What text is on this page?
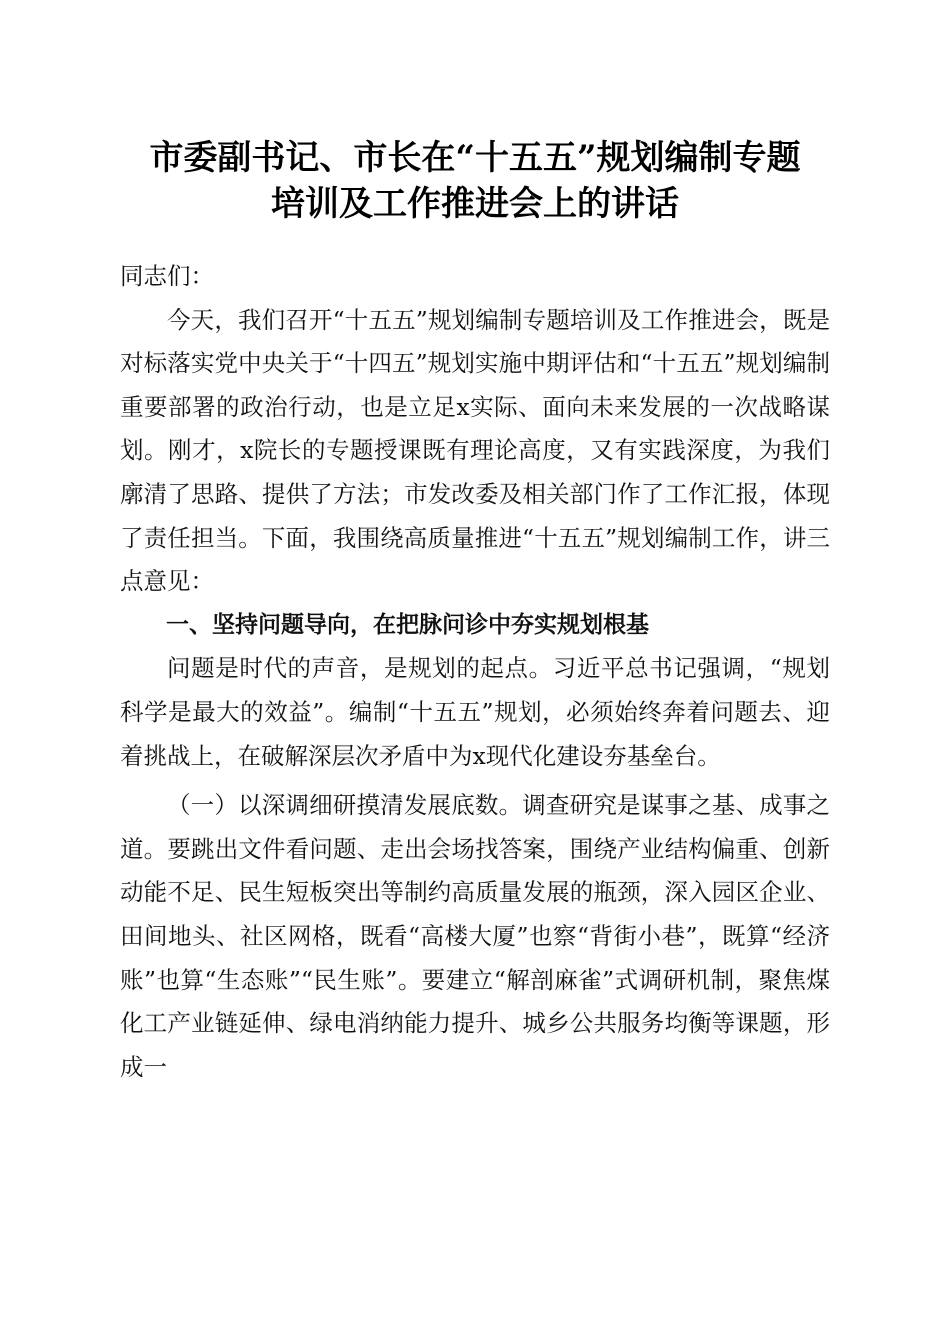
市委副书记、市长在“十五五”规划编制专题
培训及工作推进会上的讲话

同志们：

今天，我们召开“十五五”规划编制专题培训及工作推进会，既是对标落实党中央关于“十四五”规划实施中期评估和“十五五”规划编制重要部署的政治行动，也是立足x实际、面向未来发展的一次战略谋划。刚才，x院长的专题授课既有理论高度，又有实践深度，为我们廓清了思路、提供了方法；市发改委及相关部门作了工作汇报，体现了责任担当。下面，我围绕高质量推进“十五五”规划编制工作，讲三点意见：

一、坚持问题导向，在把脉问诊中夯实规划根基

问题是时代的声音，是规划的起点。习近平总书记强调，“规划科学是最大的效益”。编制“十五五”规划，必须始终奔着问题去、迎着挑战上，在破解深层次矛盾中为x现代化建设夯基垒台。

（一）以深调细研摸清发展底数。调查研究是谋事之基、成事之道。要跳出文件看问题、走出会场找答案，围绕产业结构偏重、创新动能不足、民生短板突出等制约高质量发展的瓶颈，深入园区企业、田间地头、社区网格，既看“高楼大厦”也察“背街小巷”，既算“经济账”也算“生态账”“民生账”。要建立“解剖麻雀”式调研机制，聚焦煤化工产业链延伸、绿电消纳能力提升、城乡公共服务均衡等课题，形成一
